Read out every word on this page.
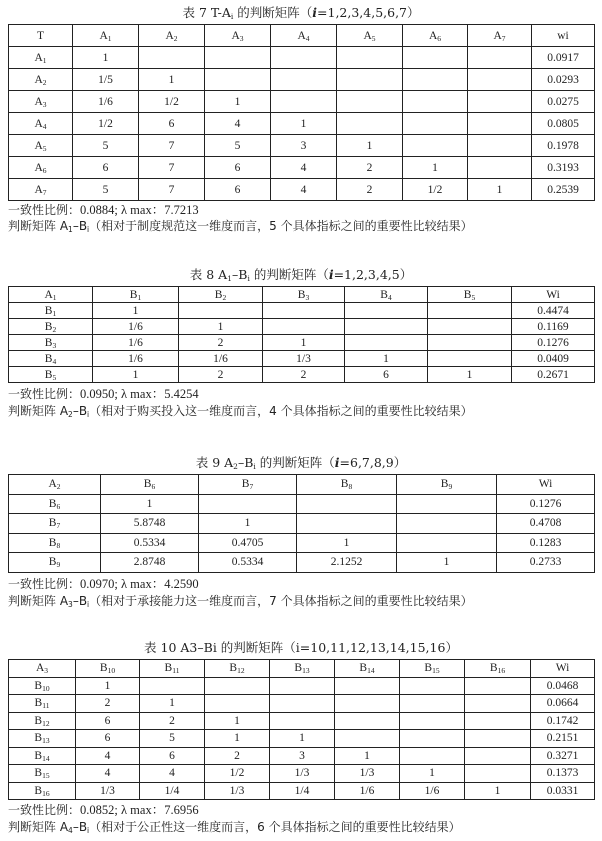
表 7 $T-A_i$ 的判断矩阵（i=1,2,3,4,5,6,7）
T	$A_1$	$A_2$	$A_3$	$A_4$	$A_5$	$A_6$	$A_7$	wi
$A_1$	1							0.0917
$A_2$	1/5	1						0.0293
$A_3$	1/6	1/2	1					0.0275
$A_4$	1/2	6	4	1				0.0805
$A_5$	5	7	5	3	1			0.1978
$A_6$	6	7	6	4	2	1		0.3193
$A_7$	5	7	6	4	2	1/2	1	0.2539
一致性比例：0.0884; λ max：7.7213
判断矩阵 $A_1-B_i$（相对于制度规范这一维度而言，5 个具体指标之间的重要性比较结果）
表 8 $A_1-B_i$ 的判断矩阵（i=1,2,3,4,5）
$A_1$	$B_1$	$B_2$	$B_3$	$B_4$	$B_5$	Wi
$B_1$	1					0.4474
$B_2$	1/6	1				0.1169
$B_3$	1/6	2	1			0.1276
$B_4$	1/6	1/6	1/3	1		0.0409
$B_5$	1	2	2	6	1	0.2671
一致性比例：0.0950; λ max：5.4254
判断矩阵 $A_2-B_i$（相对于购买投入这一维度而言，4 个具体指标之间的重要性比较结果）
表 9 $A_2-B_i$ 的判断矩阵（i=6,7,8,9）
$A_2$	$B_6$	$B_7$	$B_8$	$B_9$	Wi
$B_6$	1				0.1276
$B_7$	5.8748	1			0.4708
$B_8$	0.5334	0.4705	1		0.1283
$B_9$	2.8748	0.5334	2.1252	1	0.2733
一致性比例：0.0970; λ max：4.2590
判断矩阵 $A_3-B_i$（相对于承接能力这一维度而言，7 个具体指标之间的重要性比较结果）
表 10 A3–Bi 的判断矩阵（i=10,11,12,13,14,15,16）
$A_3$	$B_{10}$	$B_{11}$	$B_{12}$	$B_{13}$	$B_{14}$	$B_{15}$	$B_{16}$	Wi
$B_{10}$	1							0.0468
$B_{11}$	2	1						0.0664
$B_{12}$	6	2	1					0.1742
$B_{13}$	6	5	1	1				0.2151
$B_{14}$	4	6	2	3	1			0.3271
$B_{15}$	4	4	1/2	1/3	1/3	1		0.1373
$B_{16}$	1/3	1/4	1/3	1/4	1/6	1/6	1	0.0331
一致性比例：0.0852; λ max：7.6956
判断矩阵 $A_4-B_i$（相对于公正性这一维度而言，6 个具体指标之间的重要性比较结果）
